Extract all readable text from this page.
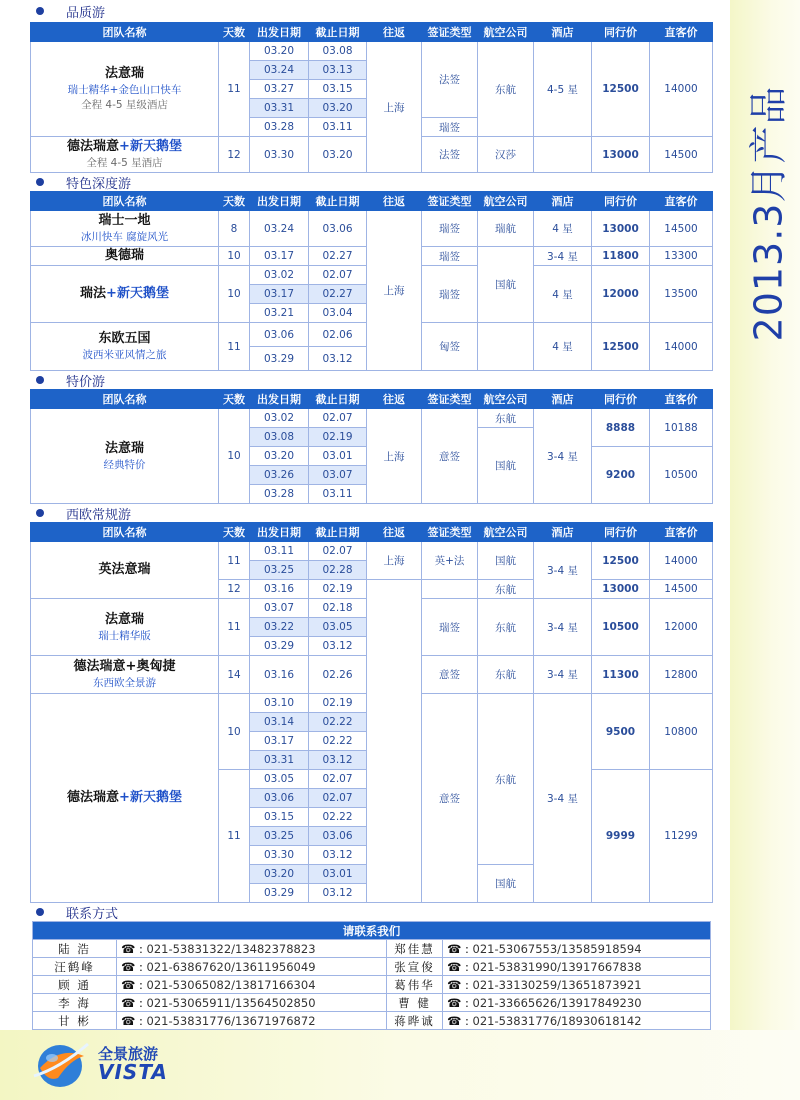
2013.3月产品
品质游
团队名称	天数	出发日期	截止日期	往返	签证类型	航空公司	酒店	同行价	直客价

法意瑞
瑞士精华+金色山口快车
全程 4-5 星级酒店	11	03.20	03.08	上海	法签	东航	4-5 星	12500	14000
		03.24	03.13						
		03.27	03.15						
		03.31	03.20						
		03.28	03.11		瑞签				

德法瑞意+新天鹅堡
全程 4-5 星酒店	12	03.30	03.20		法签	汉莎		13000	14500
特色深度游
团队名称	天数	出发日期	截止日期	往返	签证类型	航空公司	酒店	同行价	直客价

瑞士一地
冰川快车 腐旋风光	8	03.24	03.06	上海	瑞签	瑞航	4 星	13000	14500

奥德瑞	10	03.17	02.27		瑞签	国航	3-4 星	11800	13300

瑞法+新天鹅堡	10	03.02	02.07		瑞签		4 星	12000	13500
		03.17	02.27						
		03.21	03.04						

东欧五国
波西米亚风情之旅	11	03.06	02.06		匈签		4 星	12500	14000
		03.29	03.12						
特价游
团队名称	天数	出发日期	截止日期	往返	签证类型	航空公司	酒店	同行价	直客价

法意瑞
经典特价	10	03.02	02.07	上海	意签	东航	3-4 星	8888	10188
		03.08	02.19			国航			
		03.20	03.01					9200	10500
		03.26	03.07						
		03.28	03.11						
西欧常规游
团队名称	天数	出发日期	截止日期	往返	签证类型	航空公司	酒店	同行价	直客价

英法意瑞	11	03.11	02.07	上海	英+法	国航	3-4 星	12500	14000
		03.25	02.28						
	12	03.16	02.19			东航		13000	14500

法意瑞
瑞士精华版	11	03.07	02.18		瑞签	东航	3-4 星	10500	12000
		03.22	03.05						
		03.29	03.12						

德法瑞意+奥匈捷
东西欧全景游	14	03.16	02.26		意签	东航	3-4 星	11300	12800

德法瑞意+新天鹅堡	10	03.10	02.19		意签	东航	3-4 星	9500	10800
		03.14	02.22						
		03.17	02.22						
		03.31	03.12						
	11	03.05	02.07					9999	11299
		03.06	02.07						
		03.15	02.22						
		03.25	03.06						
		03.30	03.12						
		03.20	03.01			国航			
		03.29	03.12						
联系方式
请联系我们			
陆 浩	☎ : 021-53831322/13482378823	郑佳慧	☎ : 021-53067553/13585918594
汪鹤峰	☎ : 021-63867620/13611956049	张宣俊	☎ : 021-53831990/13917667838
顾 通	☎ : 021-53065082/13817166304	葛伟华	☎ : 021-33130259/13651873921
李 海	☎ : 021-53065911/13564502850	曹 健	☎ : 021-33665626/13917849230
甘 彬	☎ : 021-53831776/13671976872	蒋晔诚	☎ : 021-53831776/18930618142
全景旅游
VISTA
